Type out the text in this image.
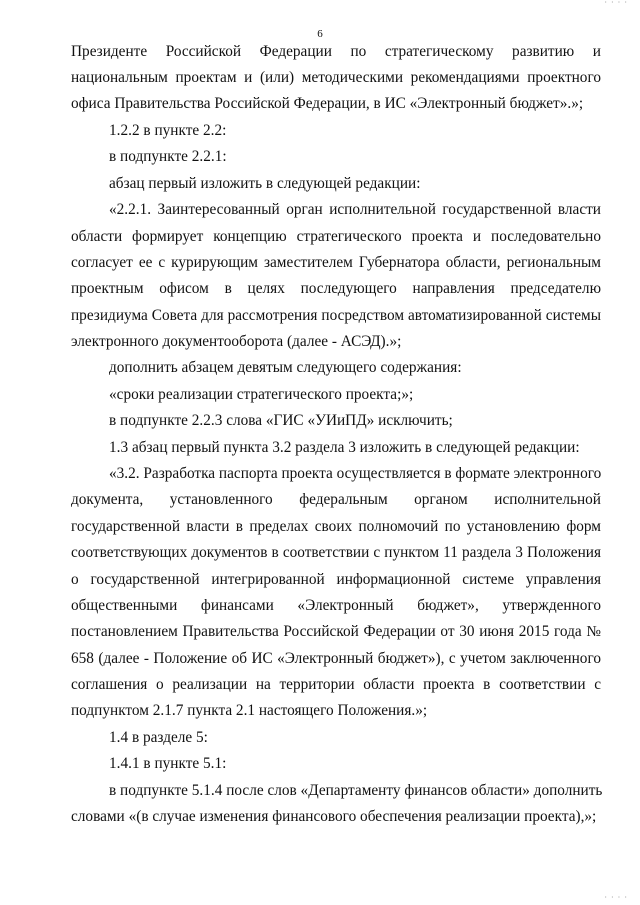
6
Президенте Российской Федерации по стратегическому развитию и
национальным проектам и (или) методическими рекомендациями проектного
офиса Правительства Российской Федерации, в ИС «Электронный бюджет».»;
1.2.2 в пункте 2.2:
в подпункте 2.2.1:
абзац первый изложить в следующей редакции:
«2.2.1. Заинтересованный орган исполнительной государственной власти
области формирует концепцию стратегического проекта и последовательно
согласует ее с курирующим заместителем Губернатора области, региональным
проектным офисом в целях последующего направления председателю
президиума Совета для рассмотрения посредством автоматизированной системы
электронного документооборота (далее - АСЭД).»;
дополнить абзацем девятым следующего содержания:
«сроки реализации стратегического проекта;»;
в подпункте 2.2.3 слова «ГИС «УИиПД» исключить;
1.3 абзац первый пункта 3.2 раздела 3 изложить в следующей редакции:
«3.2. Разработка паспорта проекта осуществляется в формате электронного
документа, установленного федеральным органом исполнительной
государственной власти в пределах своих полномочий по установлению форм
соответствующих документов в соответствии с пунктом 11 раздела 3 Положения
о государственной интегрированной информационной системе управления
общественными финансами «Электронный бюджет», утвержденного
постановлением Правительства Российской Федерации от 30 июня 2015 года №
658 (далее - Положение об ИС «Электронный бюджет»), с учетом заключенного
соглашения о реализации на территории области проекта в соответствии с
подпунктом 2.1.7 пункта 2.1 настоящего Положения.»;
1.4 в разделе 5:
1.4.1 в пункте 5.1:
в подпункте 5.1.4 после слов «Департаменту финансов области» дополнить
словами «(в случае изменения финансового обеспечения реализации проекта),»;
· · · ·
· · · ·
